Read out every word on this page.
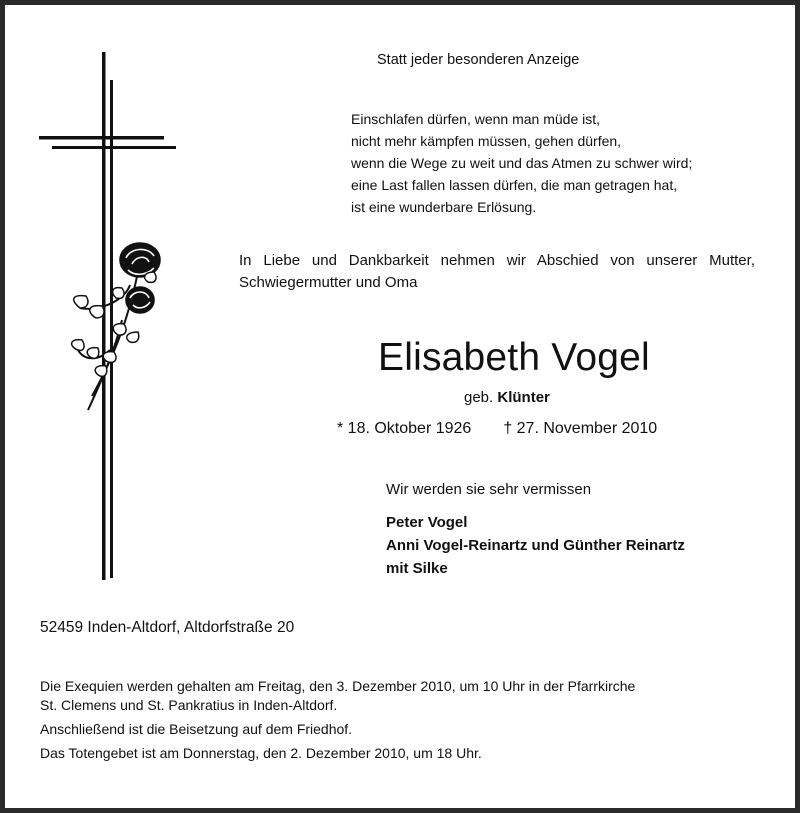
Statt jeder besonderen Anzeige
Einschlafen dürfen, wenn man müde ist,
nicht mehr kämpfen müssen, gehen dürfen,
wenn die Wege zu weit und das Atmen zu schwer wird;
eine Last fallen lassen dürfen, die man getragen hat,
ist eine wunderbare Erlösung.
In Liebe und Dankbarkeit nehmen wir Abschied von unserer Mutter, Schwiegermutter und Oma
Elisabeth Vogel
geb. Klünter
* 18. Oktober 1926 † 27. November 2010
Wir werden sie sehr vermissen
Peter Vogel
Anni Vogel-Reinartz und Günther Reinartz
mit Silke
52459 Inden-Altdorf, Altdorfstraße 20

Die Exequien werden gehalten am Freitag, den 3. Dezember 2010, um 10 Uhr in der Pfarrkirche

St. Clemens und St. Pankratius in Inden-Altdorf.

Anschließend ist die Beisetzung auf dem Friedhof.

Das Totengebet ist am Donnerstag, den 2. Dezember 2010, um 18 Uhr.
